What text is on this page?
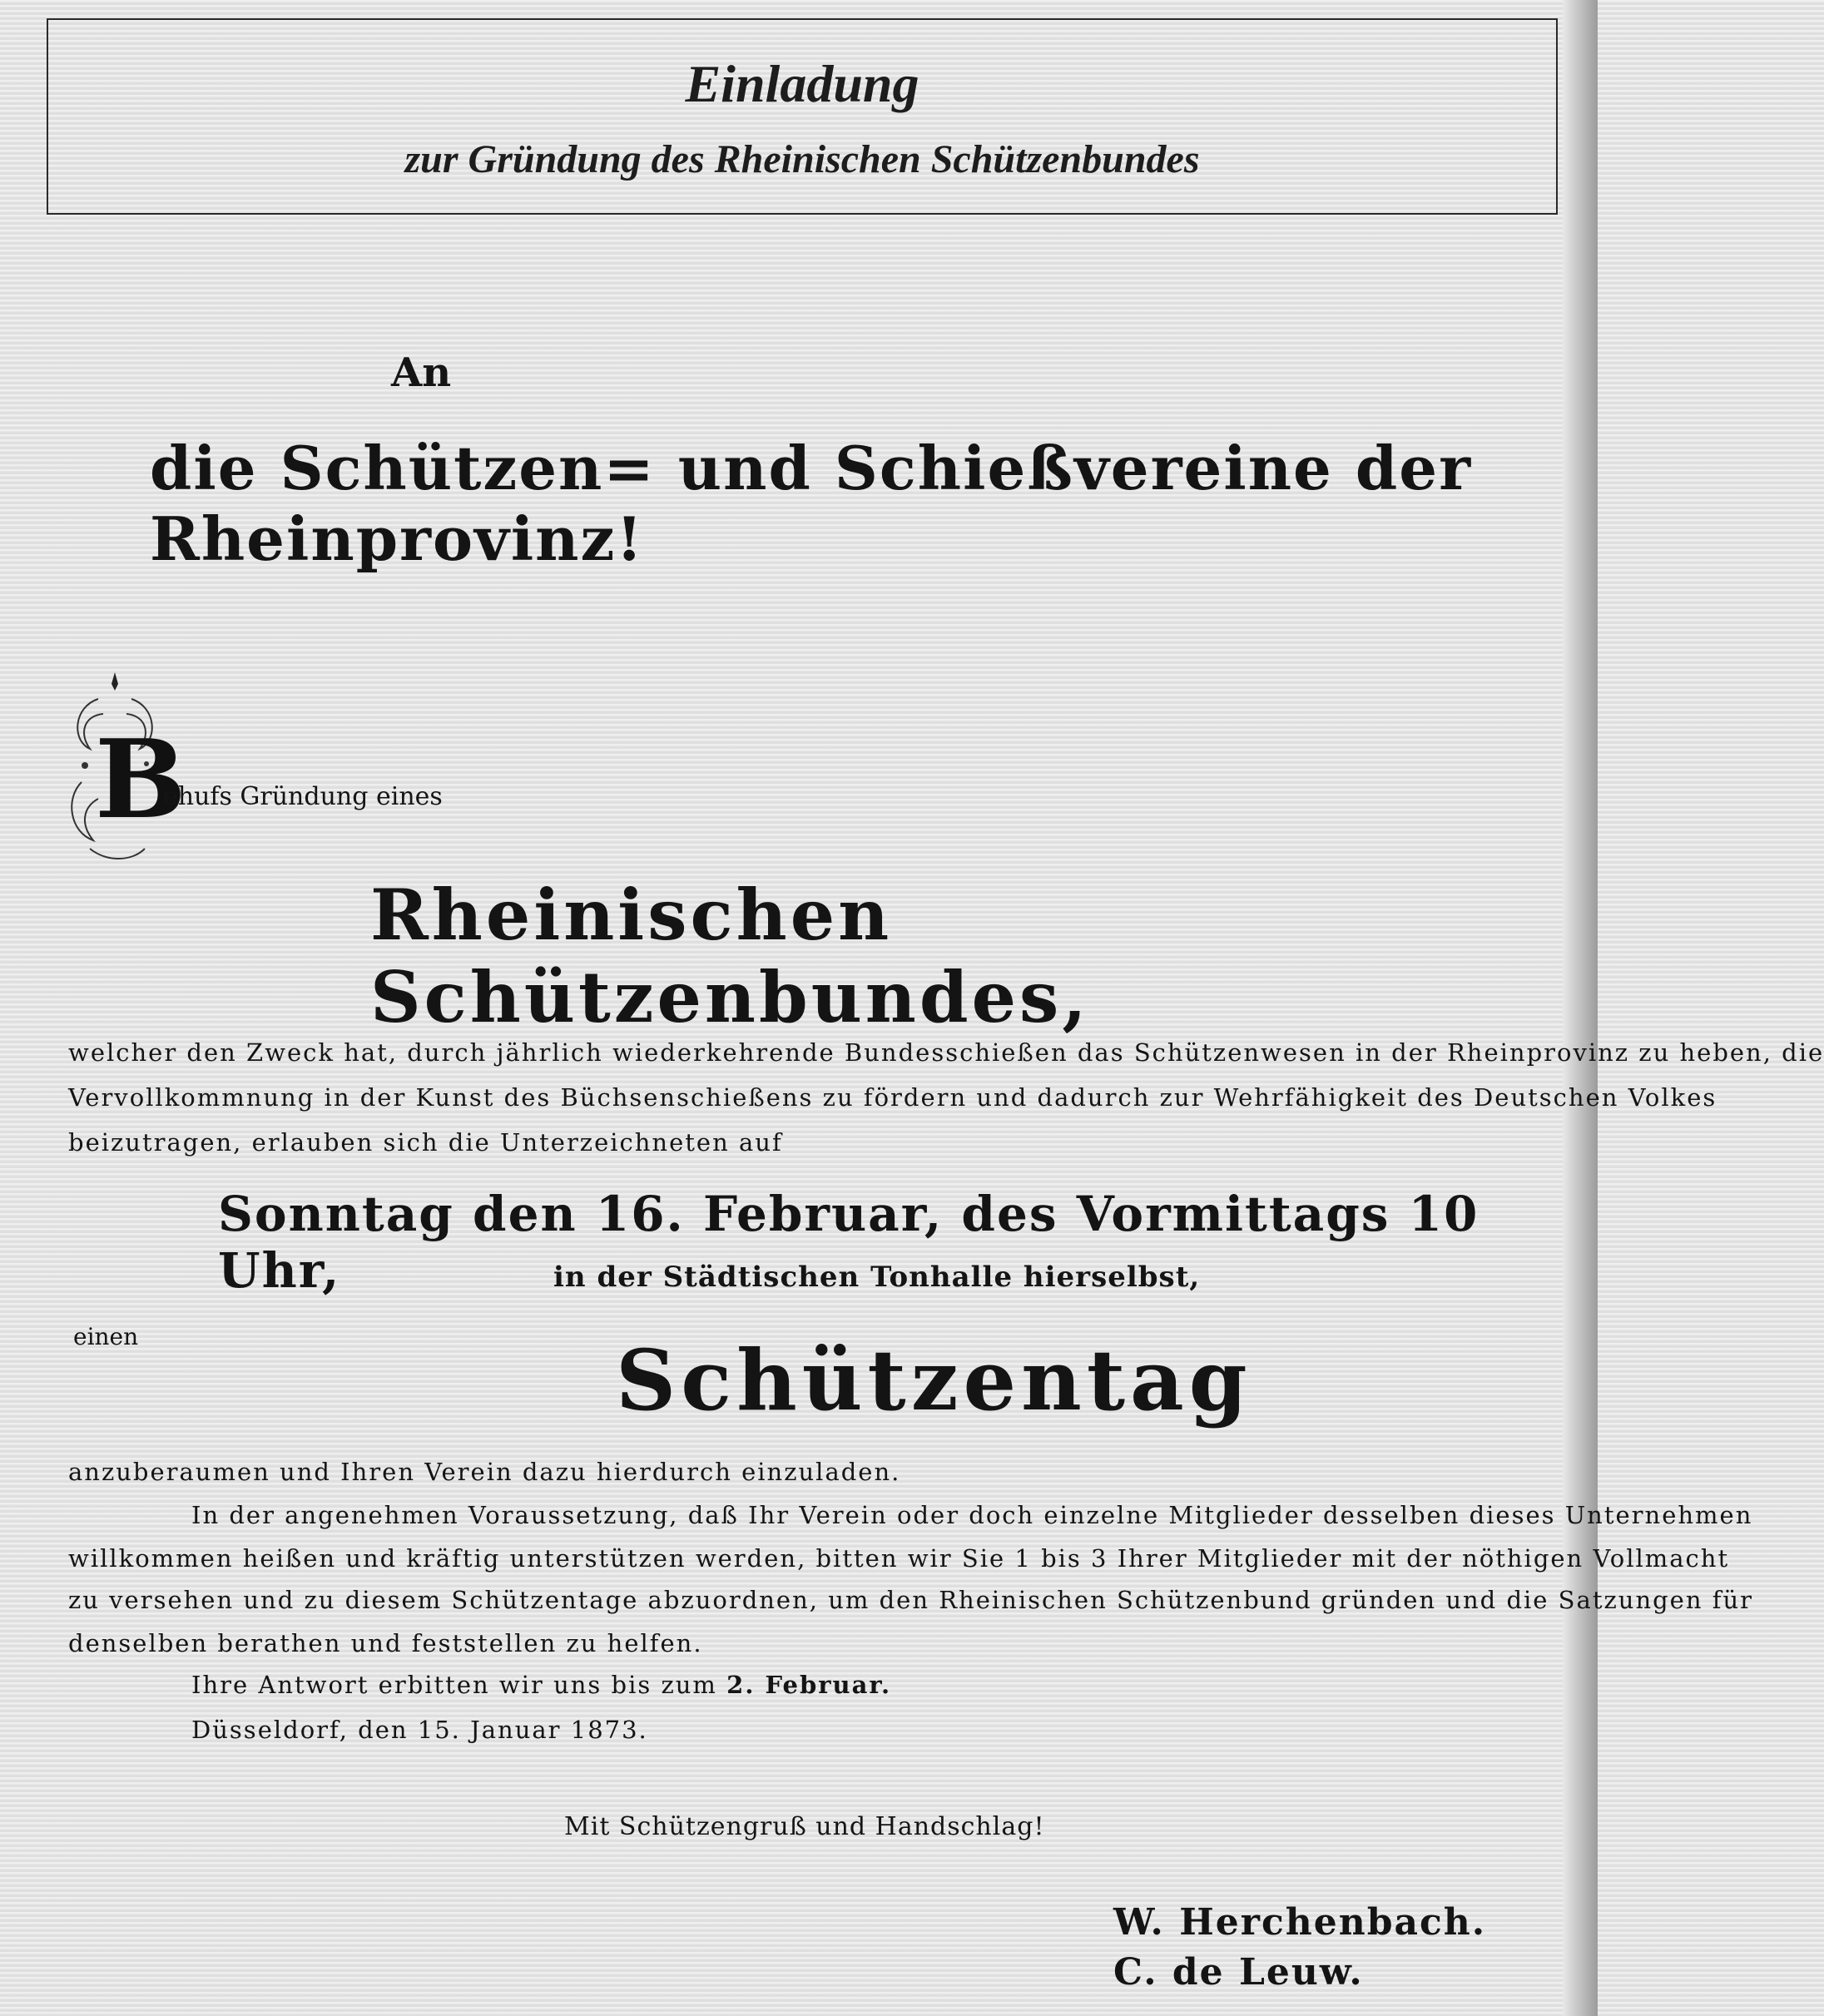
Einladung
zur Gründung des Rheinischen Schützenbundes
An
die Schützen= und Schießvereine der Rheinprovinz!
B
ehufs Gründung eines
Rheinischen Schützenbundes,
welcher den Zweck hat, durch jährlich wiederkehrende Bundesschießen das Schützenwesen in der Rheinprovinz zu heben, die
Vervollkommnung in der Kunst des Büchsenschießens zu fördern und dadurch zur Wehrfähigkeit des Deutschen Volkes
beizutragen, erlauben sich die Unterzeichneten auf
Sonntag den 16. Februar, des Vormittags 10 Uhr,	in der Städtischen Tonhalle hierselbst,
einen	Schützentag
anzuberaumen und Ihren Verein dazu hierdurch einzuladen.
In der angenehmen Voraussetzung, daß Ihr Verein oder doch einzelne Mitglieder desselben dieses Unternehmen
willkommen heißen und kräftig unterstützen werden, bitten wir Sie 1 bis 3 Ihrer Mitglieder mit der nöthigen Vollmacht
zu versehen und zu diesem Schützentage abzuordnen, um den Rheinischen Schützenbund gründen und die Satzungen für
denselben berathen und feststellen zu helfen.
Ihre Antwort erbitten wir uns bis zum 2. Februar.
Düsseldorf, den 15. Januar 1873.
Mit Schützengruß und Handschlag!
W. Herchenbach.
C. de Leuw.
